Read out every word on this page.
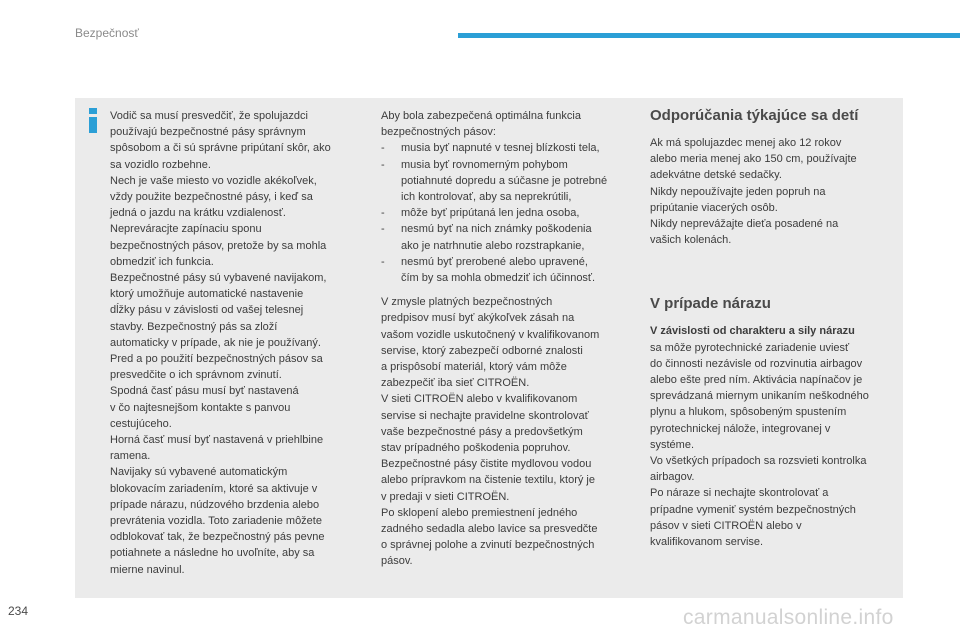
Bezpečnosť

Vodič sa musí presvedčiť, že spolujazdci

používajú bezpečnostné pásy správnym

spôsobom a či sú správne pripútaní skôr, ako

sa vozidlo rozbehne.

Nech je vaše miesto vo vozidle akékoľvek,

vždy použite bezpečnostné pásy, i keď sa

jedná o jazdu na krátku vzdialenosť.

Nepreváracjte zapínaciu sponu

bezpečnostných pásov, pretože by sa mohla

obmedziť ich funkcia.

Bezpečnostné pásy sú vybavené navijakom,

ktorý umožňuje automatické nastavenie

dĺžky pásu v závislosti od vašej telesnej

stavby. Bezpečnostný pás sa zloží

automaticky v prípade, ak nie je používaný.

Pred a po použití bezpečnostných pásov sa

presvedčite o ich správnom zvinutí.

Spodná časť pásu musí byť nastavená

v čo najtesnejšom kontakte s panvou

cestujúceho.

Horná časť musí byť nastavená v priehlbine

ramena.

Navijaky sú vybavené automatickým

blokovacím zariadením, ktoré sa aktivuje v

prípade nárazu, núdzového brzdenia alebo

prevrátenia vozidla. Toto zariadenie môžete

odblokovať tak, že bezpečnostný pás pevne

potiahnete a následne ho uvoľníte, aby sa

mierne navinul.

Aby bola zabezpečená optimálna funkcia

bezpečnostných pásov:

- musia byť napnuté v tesnej blízkosti tela,

- musia byť rovnomerným pohybom

potiahnuté dopredu a súčasne je potrebné

ich kontrolovať, aby sa neprekrútili,

- môže byť pripútaná len jedna osoba,

- nesmú byť na nich známky poškodenia

ako je natrhnutie alebo rozstrapkanie,

- nesmú byť prerobené alebo upravené,

čím by sa mohla obmedziť ich účinnosť.

V zmysle platných bezpečnostných

predpisov musí byť akýkoľvek zásah na

vašom vozidle uskutočnený v kvalifikovanom

servise, ktorý zabezpečí odborné znalosti

a prispôsobí materiál, ktorý vám môže

zabezpečiť iba sieť CITROËN.

V sieti CITROËN alebo v kvalifikovanom

servise si nechajte pravidelne skontrolovať

vaše bezpečnostné pásy a predovšetkým

stav prípadného poškodenia popruhov.

Bezpečnostné pásy čistite mydlovou vodou

alebo prípravkom na čistenie textilu, ktorý je

v predaji v sieti CITROËN.

Po sklopení alebo premiestnení jedného

zadného sedadla alebo lavice sa presvedčte

o správnej polohe a zvinutí bezpečnostných

pásov.

Odporúčania týkajúce sa detí

Ak má spolujazdec menej ako 12 rokov

alebo meria menej ako 150 cm, používajte

adekvátne detské sedačky.

Nikdy nepoužívajte jeden popruh na

pripútanie viacerých osôb.

Nikdy neprevážajte dieťa posadené na

vašich kolenách.

V prípade nárazu

V závislosti od charakteru a sily nárazu

sa môže pyrotechnické zariadenie uviesť

do činnosti nezávisle od rozvinutia airbagov

alebo ešte pred ním. Aktivácia napínačov je

sprevádzaná miernym unikaním neškodného

plynu a hlukom, spôsobeným spustením

pyrotechnickej nálože, integrovanej v

systéme.

Vo všetkých prípadoch sa rozsvieti kontrolka

airbagov.

Po náraze si nechajte skontrolovať a

prípadne vymeniť systém bezpečnostných

pásov v sieti CITROËN alebo v

kvalifikovanom servise.

234	carmanualsonline.info
